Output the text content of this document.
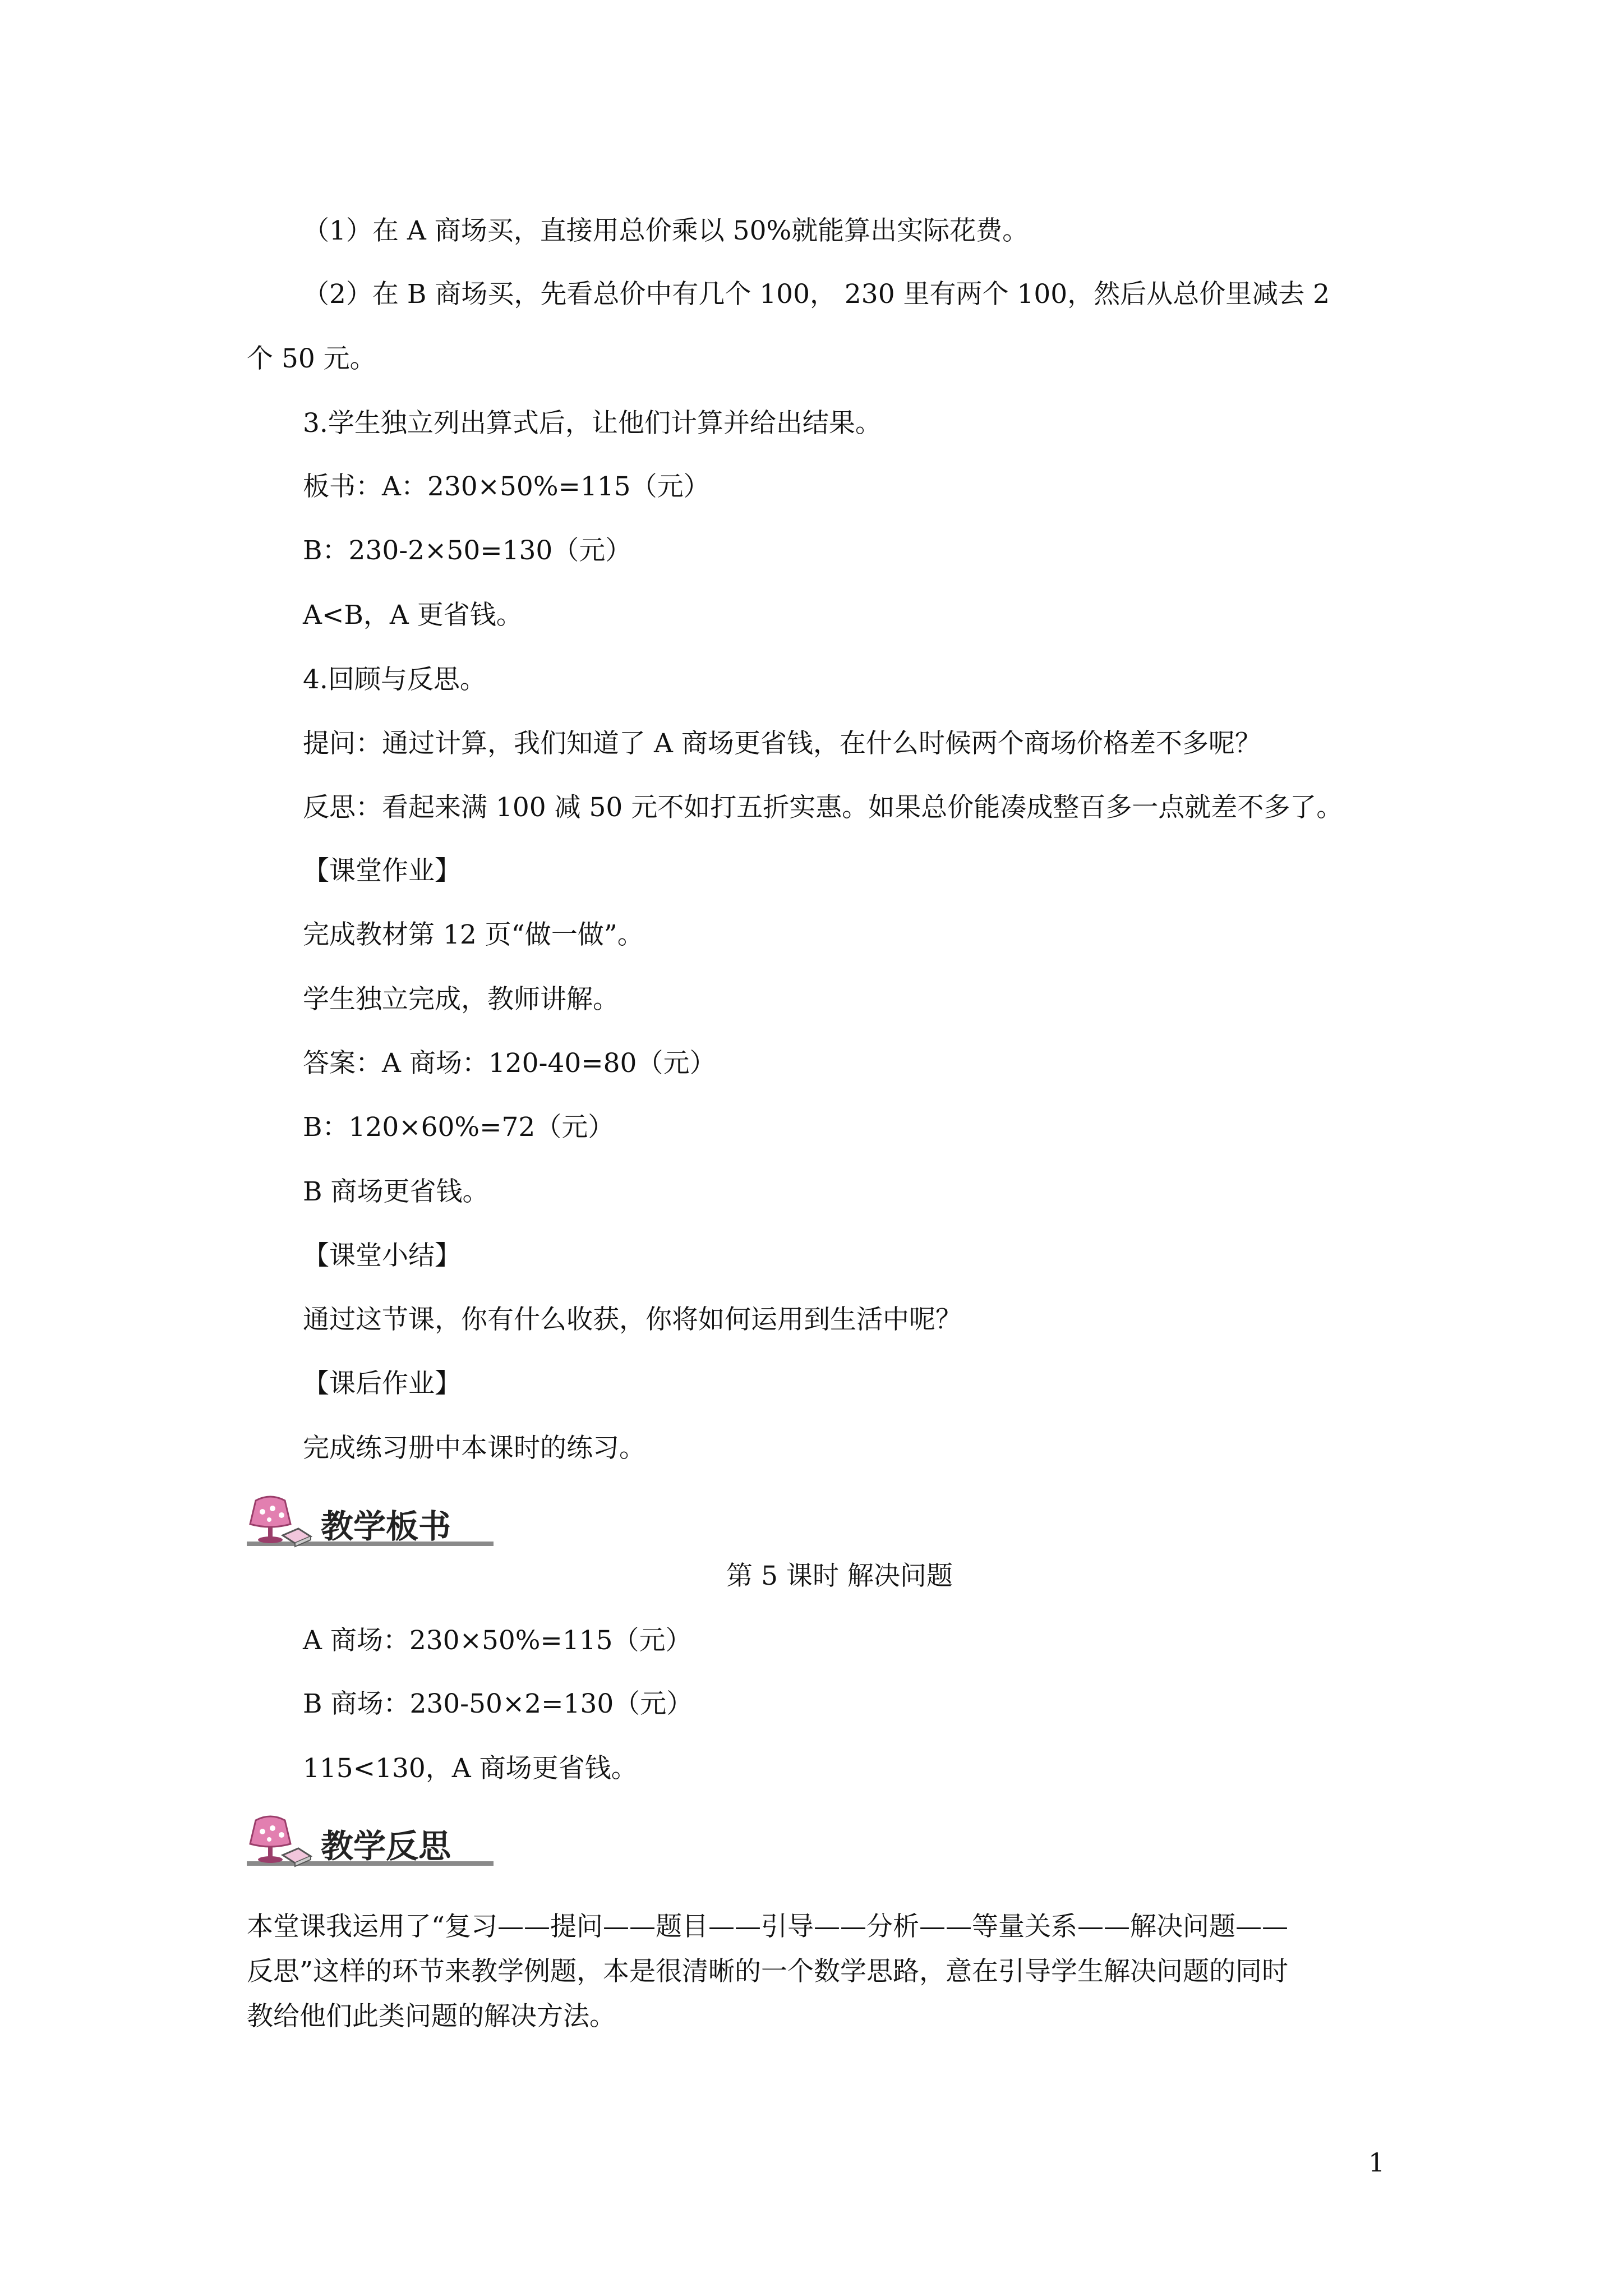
（1）在 A 商场买，直接用总价乘以 50%就能算出实际花费。
（2）在 B 商场买，先看总价中有几个 100， 230 里有两个 100，然后从总价里减去 2
个 50 元。
3.学生独立列出算式后，让他们计算并给出结果。
板书：A：230×50%=115（元）
B：230-2×50=130（元）
A<B，A 更省钱。
4.回顾与反思。
提问：通过计算，我们知道了 A 商场更省钱，在什么时候两个商场价格差不多呢？
反思：看起来满 100 减 50 元不如打五折实惠。如果总价能凑成整百多一点就差不多了。
【课堂作业】
完成教材第 12 页“做一做”。
学生独立完成，教师讲解。
答案：A 商场：120-40=80（元）
B：120×60%=72（元）
B 商场更省钱。
【课堂小结】
通过这节课，你有什么收获，你将如何运用到生活中呢？
【课后作业】
完成练习册中本课时的练习。
教学板书
第 5 课时 解决问题
A 商场：230×50%=115（元）
B 商场：230-50×2=130（元）
115<130，A 商场更省钱。
教学反思
本堂课我运用了“复习——提问——题目——引导——分析——等量关系——解决问题——
反思”这样的环节来教学例题，本是很清晰的一个数学思路，意在引导学生解决问题的同时
教给他们此类问题的解决方法。
1
